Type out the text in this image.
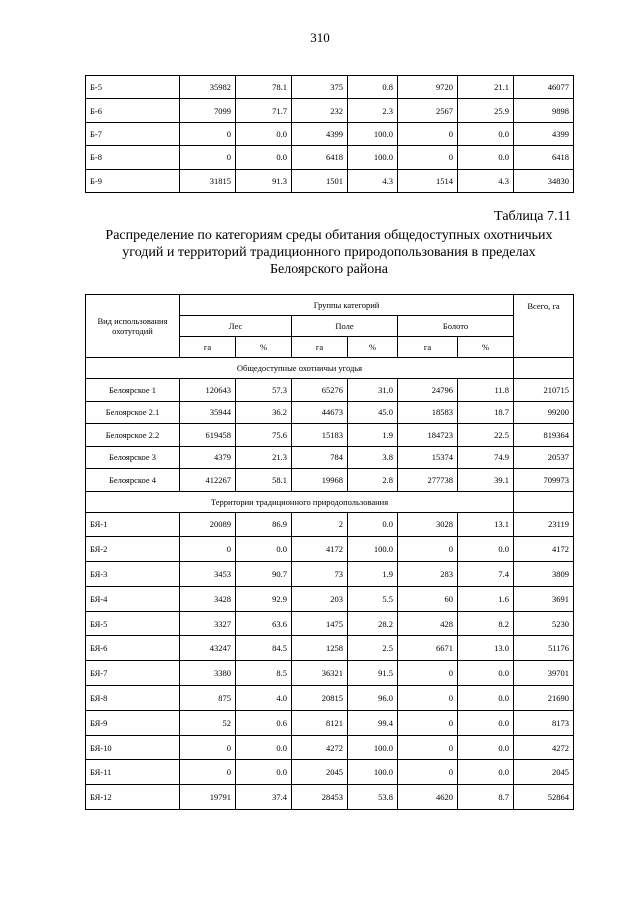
310
Б-5	35982	78.1	375	0.8	9720	21.1	46077
Б-6	7099	71.7	232	2.3	2567	25.9	9898
Б-7	0	0.0	4399	100.0	0	0.0	4399
Б-8	0	0.0	6418	100.0	0	0.0	6418
Б-9	31815	91.3	1501	4.3	1514	4.3	34830
Таблица 7.11
Распределение по категориям среды обитания общедоступных охотничьих
угодий и территорий традиционного природопользования в пределах
Белоярского района
Вид использования охотугодий	Группы категорий						Всего, га
	Лес		Поле		Болото		
	га	%	га	%	га	%	
Общедоступные охотничьи угодья							
Белоярское 1	120643	57.3	65276	31.0	24796	11.8	210715
Белоярское 2.1	35944	36.2	44673	45.0	18583	18.7	99200
Белоярское 2.2	619458	75.6	15183	1.9	184723	22.5	819364
Белоярское 3	4379	21.3	784	3.8	15374	74.9	20537
Белоярское 4	412267	58.1	19968	2.8	277738	39.1	709973
Территории традиционного природопользования							
БЯ-1	20089	86.9	2	0.0	3028	13.1	23119
БЯ-2	0	0.0	4172	100.0	0	0.0	4172
БЯ-3	3453	90.7	73	1.9	283	7.4	3809
БЯ-4	3428	92.9	203	5.5	60	1.6	3691
БЯ-5	3327	63.6	1475	28.2	428	8.2	5230
БЯ-6	43247	84.5	1258	2.5	6671	13.0	51176
БЯ-7	3380	8.5	36321	91.5	0	0.0	39701
БЯ-8	875	4.0	20815	96.0	0	0.0	21690
БЯ-9	52	0.6	8121	99.4	0	0.0	8173
БЯ-10	0	0.0	4272	100.0	0	0.0	4272
БЯ-11	0	0.0	2045	100.0	0	0.0	2045
БЯ-12	19791	37.4	28453	53.8	4620	8.7	52864
